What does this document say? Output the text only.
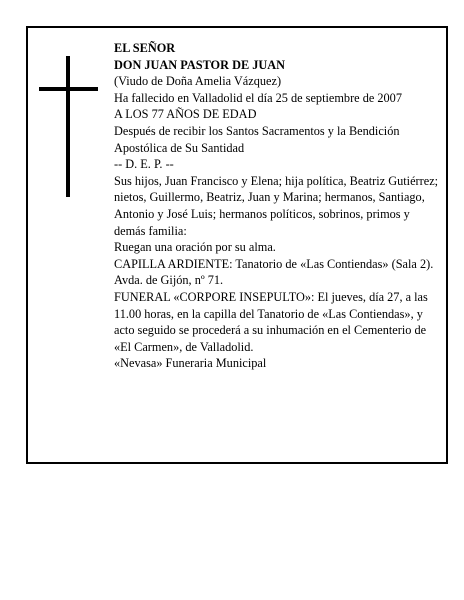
EL SEÑOR

DON JUAN PASTOR DE JUAN

(Viudo de Doña Amelia Vázquez)

Ha fallecido en Valladolid el día 25 de septiembre de 2007

A LOS 77 AÑOS DE EDAD

Después de recibir los Santos Sacramentos y la Bendición Apostólica de Su Santidad

-- D. E. P. --

Sus hijos, Juan Francisco y Elena; hija política, Beatriz Gutiérrez; nietos, Guillermo, Beatriz, Juan y Marina; hermanos, Santiago, Antonio y José Luis; hermanos políticos, sobrinos, primos y demás familia:

Ruegan una oración por su alma.

CAPILLA ARDIENTE: Tanatorio de «Las Contiendas» (Sala 2). Avda. de Gijón, nº 71.

FUNERAL «CORPORE INSEPULTO»: El jueves, día 27, a las 11.00 horas, en la capilla del Tanatorio de «Las Contiendas», y acto seguido se procederá a su inhumación en el Cementerio de «El Carmen», de Valladolid.

«Nevasa» Funeraria Municipal
